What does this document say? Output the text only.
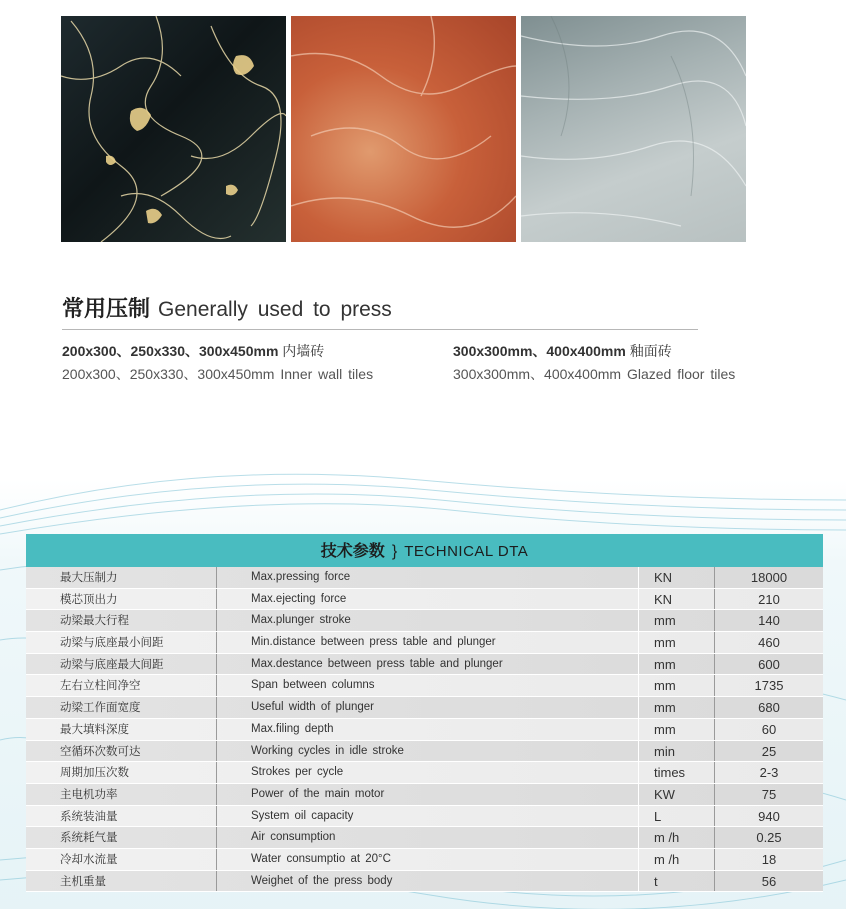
常用压制 Generally used to press
200x300、250x330、300x450mm 内墙砖
200x300、250x330、300x450mm Inner wall tiles
300x300mm、400x400mm 釉面砖
300x300mm、400x400mm Glazed floor tiles
技术参数 } TECHNICAL DTA
最大压制力	Max.pressing force	KN	18000
模芯顶出力	Max.ejecting force	KN	210
动梁最大行程	Max.plunger stroke	mm	140
动梁与底座最小间距	Min.distance between press table and plunger	mm	460
动梁与底座最大间距	Max.destance between press table and plunger	mm	600
左右立柱间净空	Span between columns	mm	1735
动梁工作面宽度	Useful width of plunger	mm	680
最大填料深度	Max.filing depth	mm	60
空循环次数可达	Working cycles in idle stroke	min	25
周期加压次数	Strokes per cycle	times	2-3
主电机功率	Power of the main motor	KW	75
系统装油量	System oil capacity	L	940
系统耗气量	Air consumption	m /h	0.25
冷却水流量	Water consumptio at 20°C	m /h	18
主机重量	Weighet of the press body	t	56
